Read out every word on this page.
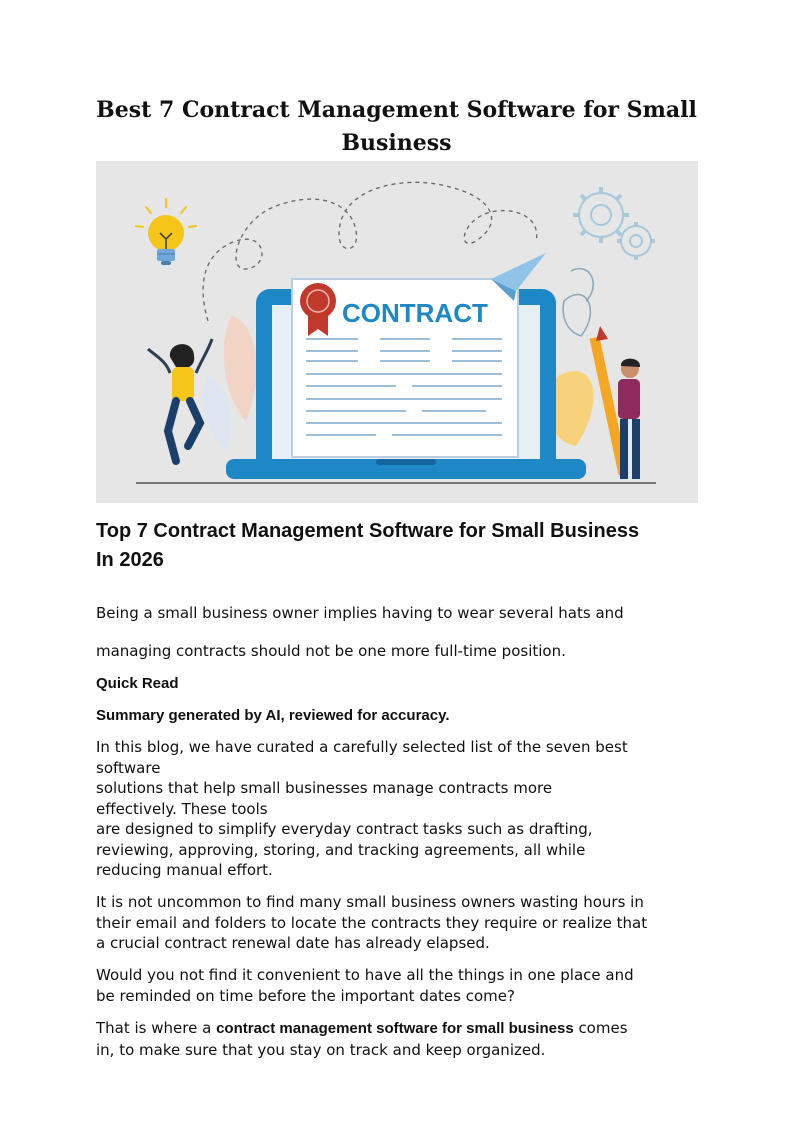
Best 7 Contract Management Software for Small
Business
CONTRACT
Top 7 Contract Management Software for Small Business
In 2026

Being a small business owner implies having to wear several hats and

managing contracts should not be one more full-time position.

Quick Read

Summary generated by AI, reviewed for accuracy.

In this blog, we have curated a carefully selected list of the seven best
software
solutions that help small businesses manage contracts more
effectively. These tools
are designed to simplify everyday contract tasks such as drafting,
reviewing, approving, storing, and tracking agreements, all while
reducing manual effort.

It is not uncommon to find many small business owners wasting hours in
their email and folders to locate the contracts they require or realize that
a crucial contract renewal date has already elapsed.

Would you not find it convenient to have all the things in one place and
be reminded on time before the important dates come?

That is where a contract management software for small business comes
in, to make sure that you stay on track and keep organized.
